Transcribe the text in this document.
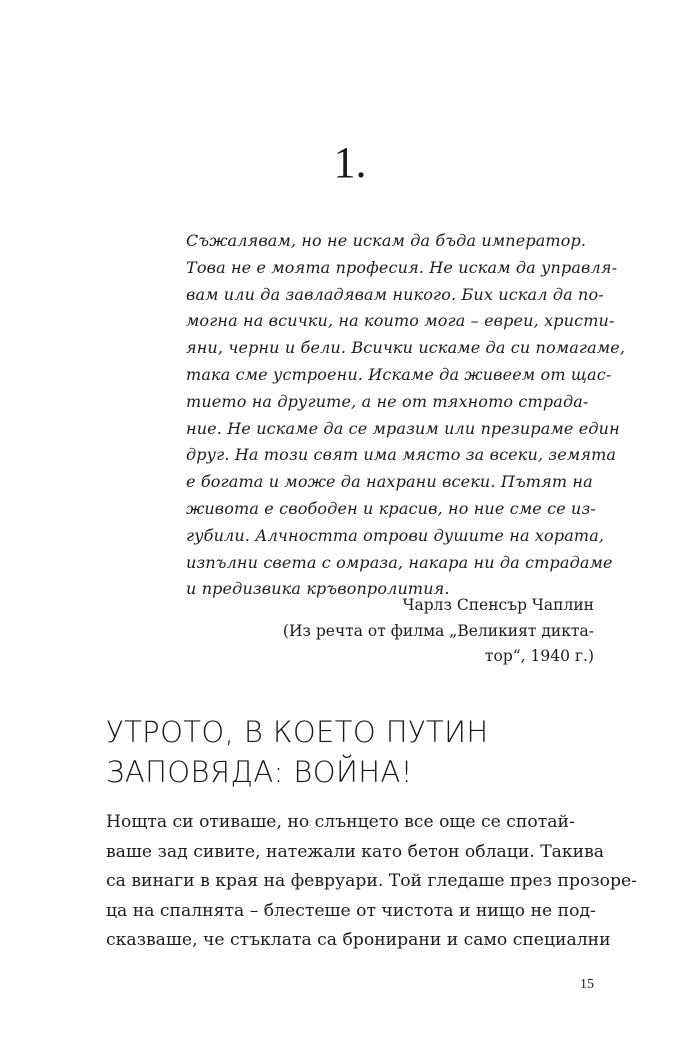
1.
Съжалявам, но не искам да бъда император.
Това не е моята професия. Не искам да управля-
вам или да завладявам никого. Бих искал да по-
могна на всички, на които мога – евреи, христи-
яни, черни и бели. Всички искаме да си помагаме,
така сме устроени. Искаме да живеем от щас-
тието на другите, а не от тяхното страда-
ние. Не искаме да се мразим или презираме един
друг. На този свят има място за всеки, земята
е богата и може да нахрани всеки. Пътят на
живота е свободен и красив, но ние сме се из-
губили. Алчността отрови душите на хората,
изпълни света с омраза, накара ни да страдаме
и предизвика кръвопролития.
Чарлз Спенсър Чаплин
(Из речта от филма „Великият дикта-
тор“, 1940 г.)
УТРОТО, В КОЕТО ПУТИН
ЗАПОВЯДА: ВОЙНА!
Нощта си отиваше, но слънцето все още се спотай-
ваше зад сивите, натежали като бетон облаци. Такива
са винаги в края на февруари. Той гледаше през прозоре-
ца на спалнята – блестеше от чистота и нищо не под-
сказваше, че стъклата са бронирани и само специални
15
